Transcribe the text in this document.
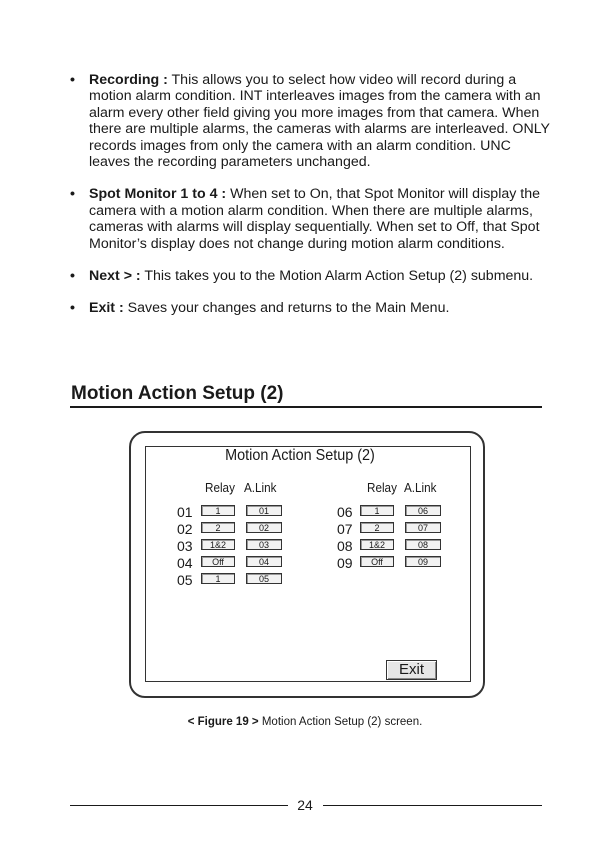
• Recording : This allows you to select how video will record during a motion alarm condition. INT interleaves images from the camera with an alarm every other field giving you more images from that camera. When there are multiple alarms, the cameras with alarms are interleaved. ONLY records images from only the camera with an alarm condition. UNC leaves the recording parameters unchanged.
• Spot Monitor 1 to 4 : When set to On, that Spot Monitor will display the camera with a motion alarm condition. When there are multiple alarms, cameras with alarms will display sequentially. When set to Off, that Spot Monitor’s display does not change during motion alarm conditions.
• Next > : This takes you to the Motion Alarm Action Setup (2) submenu.
• Exit : Saves your changes and returns to the Main Menu.
Motion Action Setup (2)
Motion Action Setup (2)
Relay A.Link	Relay A.Link
01	1	01
02	2	02
03	1&2	03
04	Off	04
05	1	05
06	1	06
07	2	07
08	1&2	08
09	Off	09
Exit
< Figure 19 > Motion Action Setup (2) screen.
24
